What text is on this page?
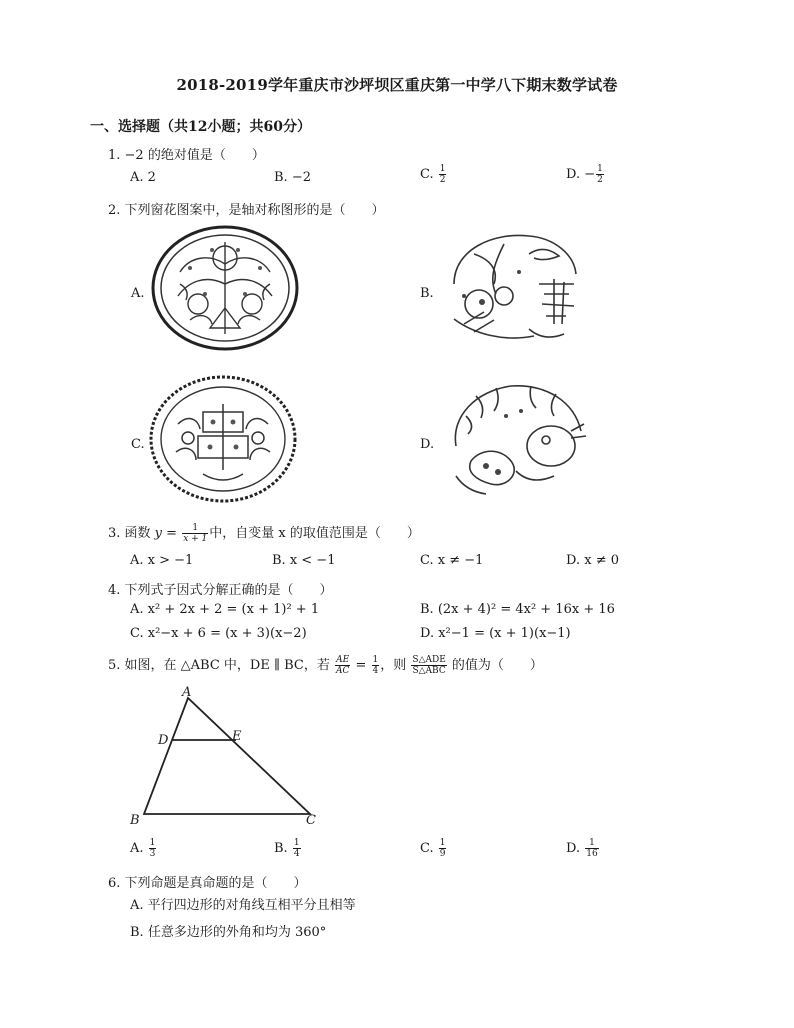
2018-2019学年重庆市沙坪坝区重庆第一中学八下期末数学试卷
一、选择题（共12小题；共60分）
1. −2 的绝对值是（　　）
A. 2	B. −2	C. $\frac{1}{2}$	D. − $\frac{1}{2}$
2. 下列窗花图案中，是轴对称图形的是（　　）
A.	B.
C.	D.
3. 函数 $y = \frac{1}{x + 1}$ 中，自变量 x 的取值范围是（　　）
A. x > −1	B. x < −1	C. x ≠ −1	D. x ≠ 0
4. 下列式子因式分解正确的是（　　）
A. x² + 2x + 2 = (x + 1)² + 1	B. (2x + 4)² = 4x² + 16x + 16
C. x²−x + 6 = (x + 3)(x−2)	D. x²−1 = (x + 1)(x−1)
5. 如图，在 △ABC 中，DE ∥ BC，若 $\frac{AE}{AC} = \frac{1}{4}$ ，则 $\frac{\text{S△ADE}}{\text{S△ABC}}$ 的值为（　　）
A
D	E
B	C
A. $\frac{1}{3}$	B. $\frac{1}{4}$	C. $\frac{1}{9}$	D. $\frac{1}{16}$
6. 下列命题是真命题的是（　　）
A. 平行四边形的对角线互相平分且相等
B. 任意多边形的外角和均为 360°
